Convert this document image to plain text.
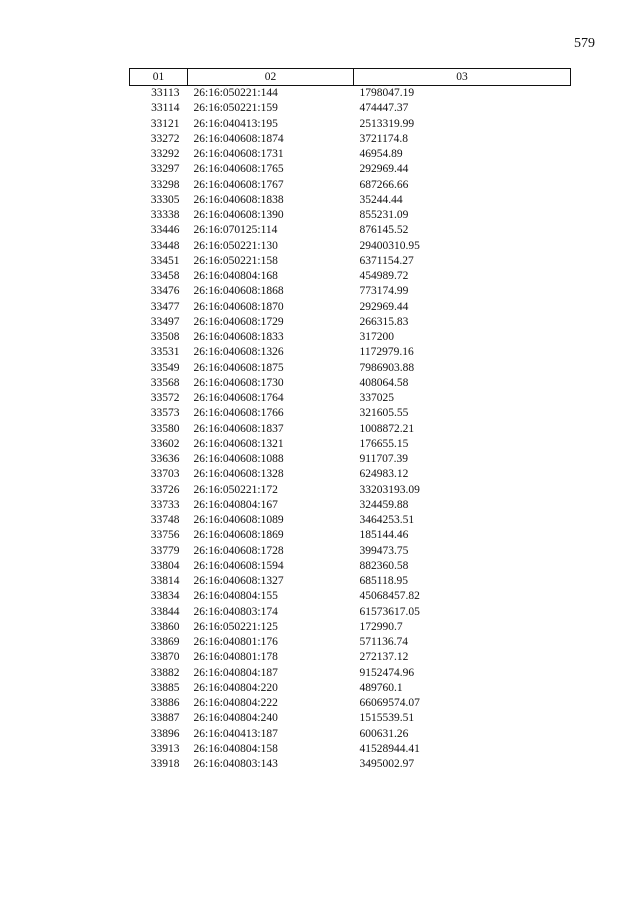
579
01	02	03
33113	26:16:050221:144	1798047.19
33114	26:16:050221:159	474447.37
33121	26:16:040413:195	2513319.99
33272	26:16:040608:1874	3721174.8
33292	26:16:040608:1731	46954.89
33297	26:16:040608:1765	292969.44
33298	26:16:040608:1767	687266.66
33305	26:16:040608:1838	35244.44
33338	26:16:040608:1390	855231.09
33446	26:16:070125:114	876145.52
33448	26:16:050221:130	29400310.95
33451	26:16:050221:158	6371154.27
33458	26:16:040804:168	454989.72
33476	26:16:040608:1868	773174.99
33477	26:16:040608:1870	292969.44
33497	26:16:040608:1729	266315.83
33508	26:16:040608:1833	317200
33531	26:16:040608:1326	1172979.16
33549	26:16:040608:1875	7986903.88
33568	26:16:040608:1730	408064.58
33572	26:16:040608:1764	337025
33573	26:16:040608:1766	321605.55
33580	26:16:040608:1837	1008872.21
33602	26:16:040608:1321	176655.15
33636	26:16:040608:1088	911707.39
33703	26:16:040608:1328	624983.12
33726	26:16:050221:172	33203193.09
33733	26:16:040804:167	324459.88
33748	26:16:040608:1089	3464253.51
33756	26:16:040608:1869	185144.46
33779	26:16:040608:1728	399473.75
33804	26:16:040608:1594	882360.58
33814	26:16:040608:1327	685118.95
33834	26:16:040804:155	45068457.82
33844	26:16:040803:174	61573617.05
33860	26:16:050221:125	172990.7
33869	26:16:040801:176	571136.74
33870	26:16:040801:178	272137.12
33882	26:16:040804:187	9152474.96
33885	26:16:040804:220	489760.1
33886	26:16:040804:222	66069574.07
33887	26:16:040804:240	1515539.51
33896	26:16:040413:187	600631.26
33913	26:16:040804:158	41528944.41
33918	26:16:040803:143	3495002.97
